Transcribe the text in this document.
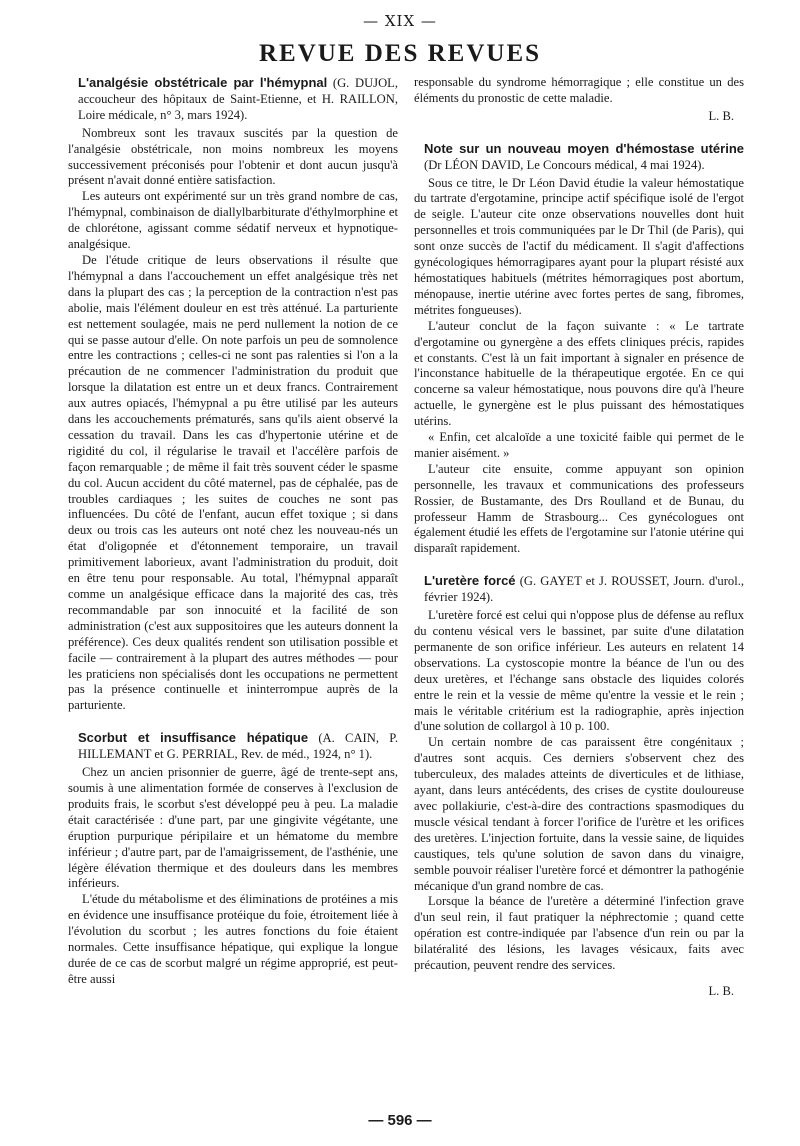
— XIX —
REVUE DES REVUES
L'analgésie obstétricale par l'hémypnal (G. DUJOL, accoucheur des hôpitaux de Saint-Etienne, et H. RAILLON, Loire médicale, n° 3, mars 1924).

Nombreux sont les travaux suscités par la question de l'analgésie obstétricale, non moins nombreux les moyens successivement préconisés pour l'obtenir et dont aucun jusqu'à présent n'avait donné entière satisfaction.

Les auteurs ont expérimenté sur un très grand nombre de cas, l'hémypnal, combinaison de diallylbarbiturate d'éthylmorphine et de chlorétone, agissant comme sédatif nerveux et hypnotique-analgésique.

De l'étude critique de leurs observations il résulte que l'hémypnal a dans l'accouchement un effet analgésique très net dans la plupart des cas ; la perception de la contraction n'est pas abolie, mais l'élément douleur en est très atténué. La parturiente est nettement soulagée, mais ne perd nullement la notion de ce qui se passe autour d'elle. On note parfois un peu de somnolence entre les contractions ; celles-ci ne sont pas ralenties si l'on a la précaution de ne commencer l'administration du produit que lorsque la dilatation est entre un et deux francs. Contrairement aux autres opiacés, l'hémypnal a pu être utilisé par les auteurs dans les accouchements prématurés, sans qu'ils aient observé la cessation du travail. Dans les cas d'hypertonie utérine et de rigidité du col, il régularise le travail et l'accélère parfois de façon remarquable ; de même il fait très souvent céder le spasme du col. Aucun accident du côté maternel, pas de céphalée, pas de troubles cardiaques ; les suites de couches ne sont pas influencées. Du côté de l'enfant, aucun effet toxique ; si dans deux ou trois cas les auteurs ont noté chez les nouveau-nés un état d'oligopnée et d'étonnement temporaire, un travail primitivement laborieux, avant l'administration du produit, doit en être tenu pour responsable. Au total, l'hémypnal apparaît comme un analgésique efficace dans la majorité des cas, très recommandable par son innocuité et la facilité de son administration (c'est aux suppositoires que les auteurs donnent la préférence). Ces deux qualités rendent son utilisation possible et facile — contrairement à la plupart des autres méthodes — pour les praticiens non spécialisés dont les occupations ne permettent pas la présence continuelle et ininterrompue auprès de la parturiente.

Scorbut et insuffisance hépatique (A. CAIN, P. HILLEMANT et G. PERRIAL, Rev. de méd., 1924, n° 1).

Chez un ancien prisonnier de guerre, âgé de trente-sept ans, soumis à une alimentation formée de conserves à l'exclusion de produits frais, le scorbut s'est développé peu à peu. La maladie était caractérisée : d'une part, par une gingivite végétante, une éruption purpurique péripilaire et un hématome du membre inférieur ; d'autre part, par de l'amaigrissement, de l'asthénie, une légère élévation thermique et des douleurs dans les membres inférieurs.

L'étude du métabolisme et des éliminations de protéines a mis en évidence une insuffisance protéique du foie, étroitement liée à l'évolution du scorbut ; les autres fonctions du foie étaient normales. Cette insuffisance hépatique, qui explique la longue durée de ce cas de scorbut malgré un régime approprié, est peut-être aussi

responsable du syndrome hémorragique ; elle constitue un des éléments du pronostic de cette maladie.

L. B.
Note sur un nouveau moyen d'hémostase utérine (Dr LÉON DAVID, Le Concours médical, 4 mai 1924).

Sous ce titre, le Dr Léon David étudie la valeur hémostatique du tartrate d'ergotamine, principe actif spécifique isolé de l'ergot de seigle. L'auteur cite onze observations nouvelles dont huit personnelles et trois communiquées par le Dr Thil (de Paris), qui sont onze succès de l'actif du médicament. Il s'agit d'affections gynécologiques hémorragipares ayant pour la plupart résisté aux hémostatiques habituels (métrites hémorragiques post abortum, ménopause, inertie utérine avec fortes pertes de sang, fibromes, métrites fongueuses).

L'auteur conclut de la façon suivante : « Le tartrate d'ergotamine ou gynergène a des effets cliniques précis, rapides et constants. C'est là un fait important à signaler en présence de l'inconstance habituelle de la thérapeutique ergotée. En ce qui concerne sa valeur hémostatique, nous pouvons dire qu'à l'heure actuelle, le gynergène est le plus puissant des hémostatiques utérins.

« Enfin, cet alcaloïde a une toxicité faible qui permet de le manier aisément. »

L'auteur cite ensuite, comme appuyant son opinion personnelle, les travaux et communications des professeurs Rossier, de Bustamante, des Drs Roulland et de Bunau, du professeur Hamm de Strasbourg... Ces gynécologues ont également étudié les effets de l'ergotamine sur l'atonie utérine qui disparaît rapidement.

L'uretère forcé (G. GAYET et J. ROUSSET, Journ. d'urol., février 1924).

L'uretère forcé est celui qui n'oppose plus de défense au reflux du contenu vésical vers le bassinet, par suite d'une dilatation permanente de son orifice inférieur. Les auteurs en relatent 14 observations. La cystoscopie montre la béance de l'un ou des deux uretères, et l'échange sans obstacle des liquides colorés entre le rein et la vessie de même qu'entre la vessie et le rein ; mais le véritable critérium est la radiographie, après injection d'une solution de collargol à 10 p. 100.

Un certain nombre de cas paraissent être congénitaux ; d'autres sont acquis. Ces derniers s'observent chez des tuberculeux, des malades atteints de diverticules et de lithiase, ayant, dans leurs antécédents, des crises de cystite douloureuse avec pollakiurie, c'est-à-dire des contractions spasmodiques du muscle vésical tendant à forcer l'orifice de l'urètre et les orifices des uretères. L'injection fortuite, dans la vessie saine, de liquides caustiques, tels qu'une solution de savon dans du vinaigre, semble pouvoir réaliser l'uretère forcé et démontrer la pathogénie mécanique d'un grand nombre de cas.

Lorsque la béance de l'uretère a déterminé l'infection grave d'un seul rein, il faut pratiquer la néphrectomie ; quand cette opération est contre-indiquée par l'absence d'un rein ou par la bilatéralité des lésions, les lavages vésicaux, faits avec précaution, peuvent rendre des services.

L. B.
— 596 —
